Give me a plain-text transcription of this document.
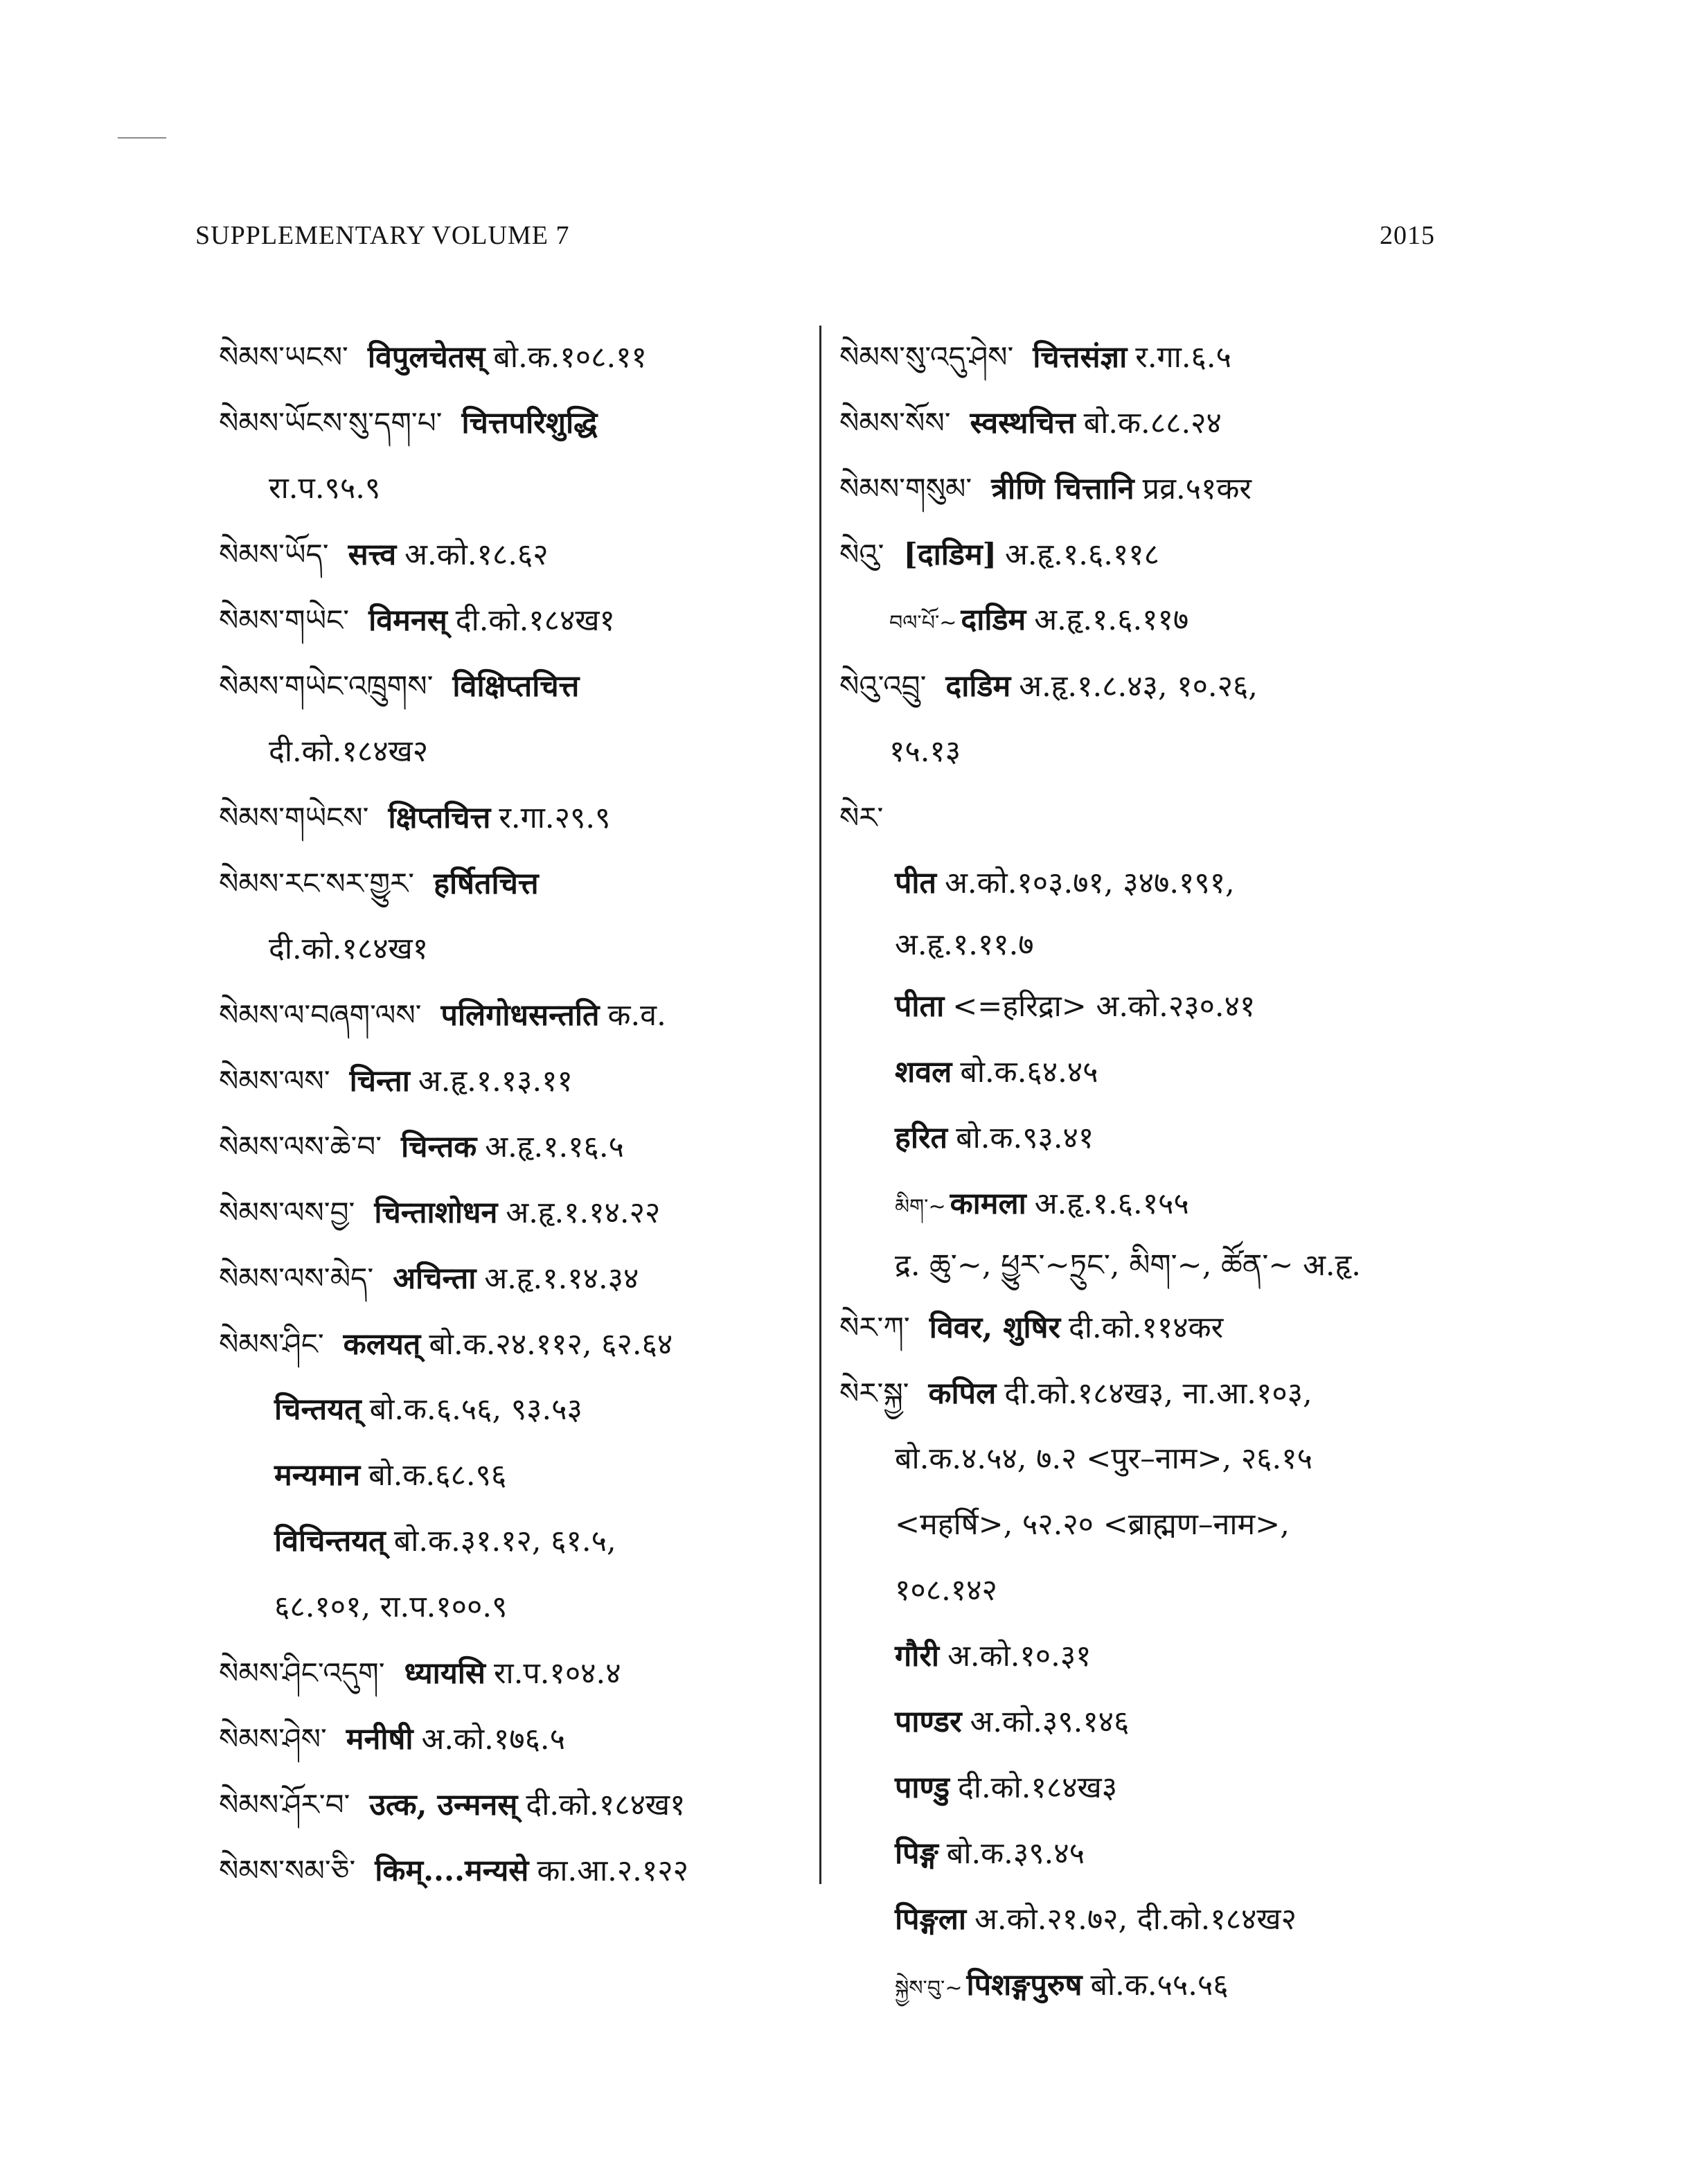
SUPPLEMENTARY VOLUME 7	2015
སེམས་ཡངས་ विपुलचेतस् बो.क.१०८.११
སེམས་ཡོངས་སུ་དག་པ་ चित्तपरिशुद्धि
रा.प.९५.९
སེམས་ཡོད་ सत्त्व अ.को.१८.६२
སེམས་གཡེང་ विमनस् दी.को.१८४ख१
སེམས་གཡེང་འཁྲུགས་ विक्षिप्तचित्त
दी.को.१८४ख२
སེམས་གཡེངས་ क्षिप्तचित्त र.गा.२९.९
སེམས་རང་སར་གྱུར་ हर्षितचित्त
दी.को.१८४ख१
སེམས་ལ་བཞག་ལས་ पलिगोधसन्तति क.व.
སེམས་ལས་ चिन्ता अ.हृ.१.१३.११
སེམས་ལས་ཆེ་བ་ चिन्तक अ.हृ.१.१६.५
སེམས་ལས་བྱ་ चिन्ताशोधन अ.हृ.१.१४.२२
སེམས་ལས་མེད་ अचिन्ता अ.हृ.१.१४.३४
སེམས་ཤིང་ कलयत् बो.क.२४.११२, ६२.६४
चिन्तयत् बो.क.६.५६, ९३.५३
मन्यमान बो.क.६८.९६
विचिन्तयत् बो.क.३१.१२, ६१.५,
६८.१०१, रा.प.१००.९
སེམས་ཤིང་འདུག་ ध्यायसि रा.प.१०४.४
སེམས་ཤེས་ मनीषी अ.को.१७६.५
སེམས་ཤོར་བ་ उत्क, उन्मनस् दी.को.१८४ख१
སེམས་སམ་ཅི་ किम्....मन्यसे का.आ.२.१२२
སེམས་སུ་འདུ་ཤེས་ चित्तसंज्ञा र.गा.६.५
སེམས་སོས་ स्वस्थचित्त बो.क.८८.२४
སེམས་གསུམ་ त्रीणि चित्तानि प्रव्र.५१कर
སེའུ་ [दाडिम] अ.हृ.१.६.११८
བལ་པོ་~ दाडिम अ.हृ.१.६.११७
སེའུ་འབྲུ་ दाडिम अ.हृ.१.८.४३, १०.२६,
१५.१३
སེར་
पीत अ.को.१०३.७१, ३४७.१९१,
अ.हृ.१.११.७
पीता <=हरिद्रा> अ.को.२३०.४१
शवल बो.क.६४.४५
हरित बो.क.९३.४१
མིག་~ कामला अ.हृ.१.६.१५५
द्र. ཆུ་~, ཕྱུར་~ཏྲུང་, མིག་~, ཚོན་~ अ.हृ.
སེར་ཀ་ विवर, शुषिर दी.को.११४कर
སེར་སྐྱ་ कपिल दी.को.१८४ख३, ना.आ.१०३,
बो.क.४.५४, ७.२ <पुर–नाम>, २६.१५
<महर्षि>, ५२.२० <ब्राह्मण–नाम>,
१०८.१४२
गौरी अ.को.१०.३१
पाण्डर अ.को.३९.१४६
पाण्डु दी.को.१८४ख३
पिङ्ग बो.क.३९.४५
पिङ्गला अ.को.२१.७२, दी.को.१८४ख२
སྐྱེས་བུ་~ पिशङ्गपुरुष बो.क.५५.५६
